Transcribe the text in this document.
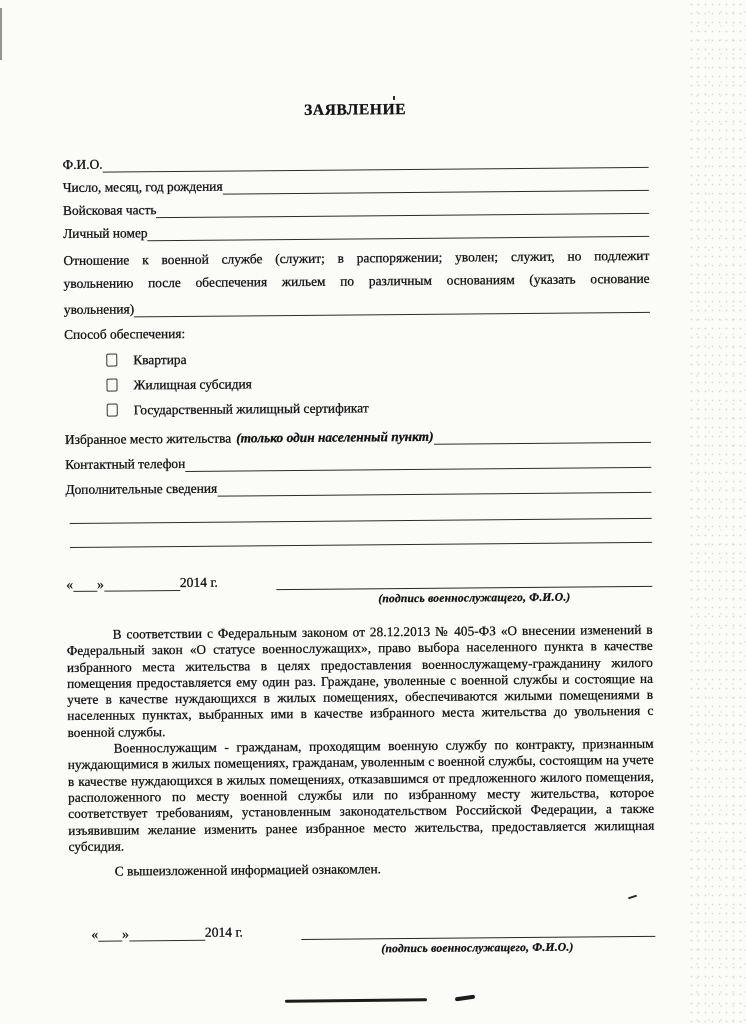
ЗАЯВЛЕНИЕ
Ф.И.О.
Число, месяц, год рождения
Войсковая часть
Личный номер
Отношение к военной службе (служит; в распоряжении; уволен; служит, но подлежит
увольнению после обеспечения жильем по различным основаниям (указать основание
увольнения)
Способ обеспечения:
Квартира
Жилищная субсидия
Государственный жилищный сертификат
Избранное место жительства (только один населенный пункт)
Контактный телефон
Дополнительные сведения
« »	2014 г.
(подпись военнослужащего, Ф.И.О.)

В соответствии с Федеральным законом от 28.12.2013 № 405-ФЗ «О внесении изменений в Федеральный закон «О статусе военнослужащих», право выбора населенного пункта в качестве избранного места жительства в целях предоставления военнослужащему-гражданину жилого помещения предоставляется ему один раз. Граждане, уволенные с военной службы и состоящие на учете в качестве нуждающихся в жилых помещениях, обеспечиваются жилыми помещениями в населенных пунктах, выбранных ими в качестве избранного места жительства до увольнения с военной службы.

Военнослужащим - гражданам, проходящим военную службу по контракту, признанным нуждающимися в жилых помещениях, гражданам, уволенным с военной службы, состоящим на учете в качестве нуждающихся в жилых помещениях, отказавшимся от предложенного жилого помещения, расположенного по месту военной службы или по избранному месту жительства, которое соответствует требованиям, установленным законодательством Российской Федерации, а также изъявившим желание изменить ранее избранное место жительства, предоставляется жилищная субсидия.

С вышеизложенной информацией ознакомлен.
« »	2014 г.
(подпись военнослужащего, Ф.И.О.)
